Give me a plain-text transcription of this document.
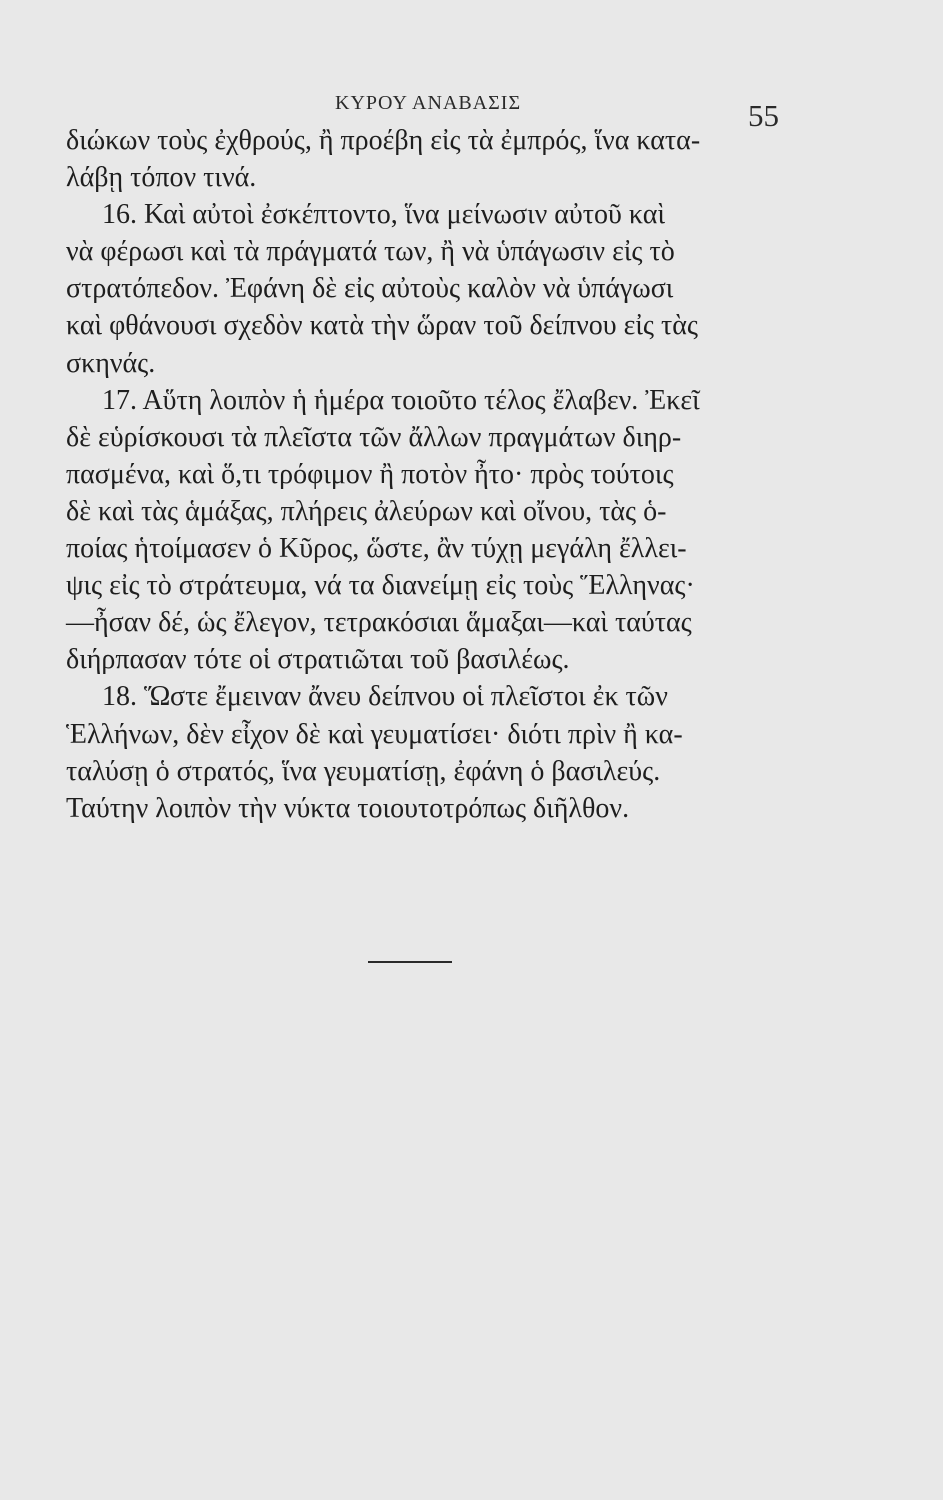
ΚΥΡΟΥ ΑΝΑΒΑΣΙΣ	55
διώκων τοὺς ἐχθρούς, ἢ προέβη εἰς τὰ ἐμπρός, ἵνα κατα-
λάβῃ τόπον τινά.
16. Καὶ αὐτοὶ ἐσκέπτοντο, ἵνα μείνωσιν αὐτοῦ καὶ
νὰ φέρωσι καὶ τὰ πράγματά των, ἢ νὰ ὑπάγωσιν εἰς τὸ
στρατόπεδον. Ἐφάνη δὲ εἰς αὐτοὺς καλὸν νὰ ὑπάγωσι
καὶ φθάνουσι σχεδὸν κατὰ τὴν ὥραν τοῦ δείπνου εἰς τὰς
σκηνάς.
17. Αὕτη λοιπὸν ἡ ἡμέρα τοιοῦτο τέλος ἔλαβεν. Ἐκεῖ
δὲ εὑρίσκουσι τὰ πλεῖστα τῶν ἄλλων πραγμάτων διηρ-
πασμένα, καὶ ὅ,τι τρόφιμον ἢ ποτὸν ἦτο· πρὸς τούτοις
δὲ καὶ τὰς ἁμάξας, πλήρεις ἀλεύρων καὶ οἴνου, τὰς ὁ-
ποίας ἡτοίμασεν ὁ Κῦρος, ὥστε, ἂν τύχῃ μεγάλη ἔλλει-
ψις εἰς τὸ στράτευμα, νά τα διανείμῃ εἰς τοὺς Ἕλληνας·
—ἦσαν δέ, ὡς ἔλεγον, τετρακόσιαι ἅμαξαι—καὶ ταύτας
διήρπασαν τότε οἱ στρατιῶται τοῦ βασιλέως.
18. Ὥστε ἔμειναν ἄνευ δείπνου οἱ πλεῖστοι ἐκ τῶν
Ἑλλήνων, δὲν εἶχον δὲ καὶ γευματίσει· διότι πρὶν ἢ κα-
ταλύσῃ ὁ στρατός, ἵνα γευματίσῃ, ἐφάνη ὁ βασιλεύς.
Ταύτην λοιπὸν τὴν νύκτα τοιουτοτρόπως διῆλθον.
